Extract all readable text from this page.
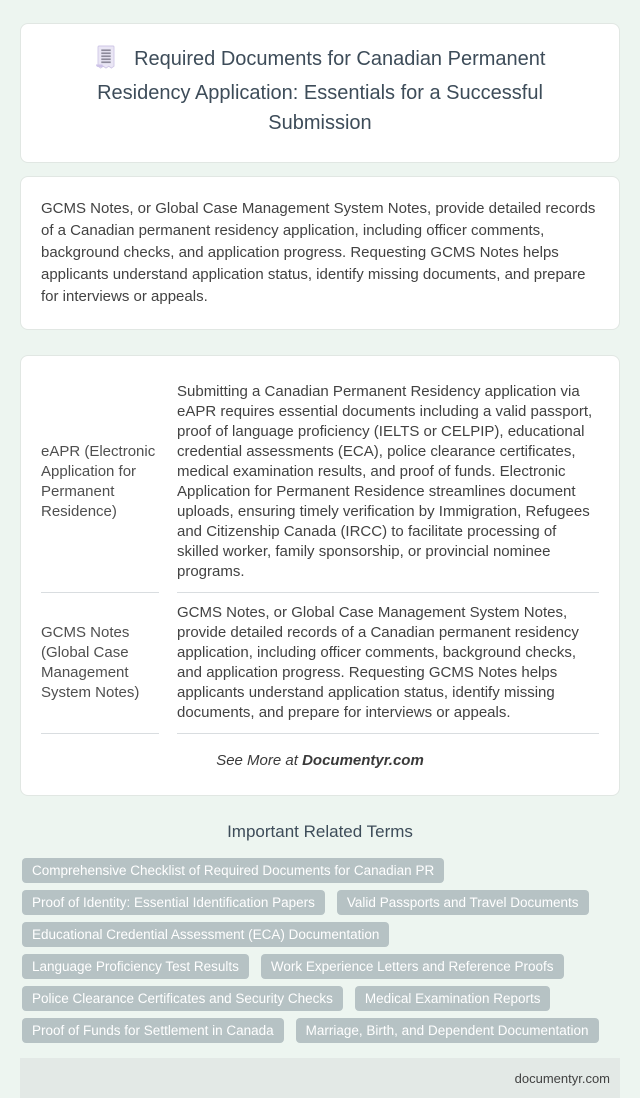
Required Documents for Canadian Permanent Residency Application: Essentials for a Successful Submission

GCMS Notes, or Global Case Management System Notes, provide detailed records of a Canadian permanent residency application, including officer comments, background checks, and application progress. Requesting GCMS Notes helps applicants understand application status, identify missing documents, and prepare for interviews or appeals.

eAPR (Electronic Application for Permanent Residence)
Submitting a Canadian Permanent Residency application via eAPR requires essential documents including a valid passport, proof of language proficiency (IELTS or CELPIP), educational credential assessments (ECA), police clearance certificates, medical examination results, and proof of funds. Electronic Application for Permanent Residence streamlines document uploads, ensuring timely verification by Immigration, Refugees and Citizenship Canada (IRCC) to facilitate processing of skilled worker, family sponsorship, or provincial nominee programs.
GCMS Notes (Global Case Management System Notes)
GCMS Notes, or Global Case Management System Notes, provide detailed records of a Canadian permanent residency application, including officer comments, background checks, and application progress. Requesting GCMS Notes helps applicants understand application status, identify missing documents, and prepare for interviews or appeals.

See More at Documentyr.com

Important Related Terms
Comprehensive Checklist of Required Documents for Canadian PR
Proof of Identity: Essential Identification Papers	Valid Passports and Travel Documents
Educational Credential Assessment (ECA) Documentation
Language Proficiency Test Results	Work Experience Letters and Reference Proofs
Police Clearance Certificates and Security Checks	Medical Examination Reports
Proof of Funds for Settlement in Canada	Marriage, Birth, and Dependent Documentation
documentyr.com
